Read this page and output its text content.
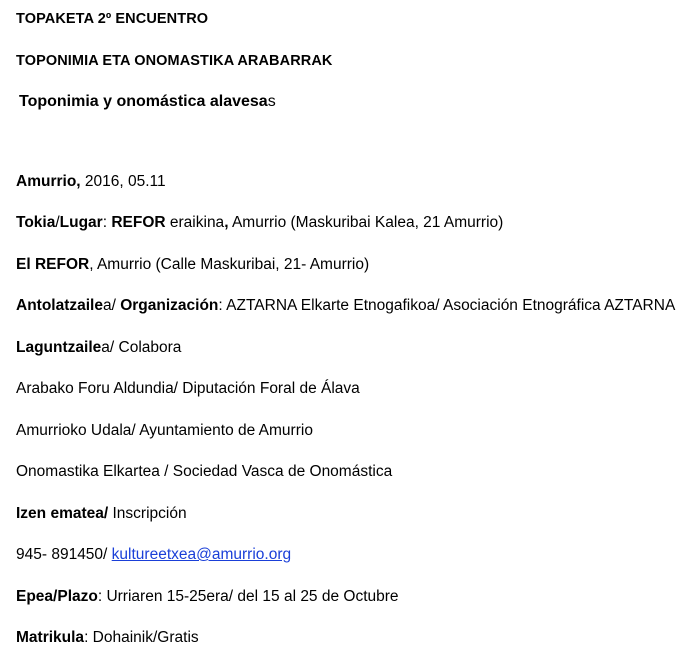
TOPAKETA 2º ENCUENTRO
TOPONIMIA ETA ONOMASTIKA ARABARRAK
Toponimia y onomástica alavesas
Amurrio, 2016, 05.11
Tokia/Lugar: REFOR eraikina, Amurrio (Maskuribai Kalea, 21 Amurrio)
El REFOR, Amurrio (Calle Maskuribai, 21- Amurrio)
Antolatzailea/ Organización: AZTARNA Elkarte Etnogafikoa/ Asociación Etnográfica AZTARNA
Laguntzailea/ Colabora
Arabako Foru Aldundia/ Diputación Foral de Álava
Amurrioko Udala/ Ayuntamiento de Amurrio
Onomastika Elkartea / Sociedad Vasca de Onomástica
Izen ematea/ Inscripción
945- 891450/ kultureetxea@amurrio.org
Epea/Plazo: Urriaren 15-25era/ del 15 al 25 de Octubre
Matrikula: Dohainik/Gratis
